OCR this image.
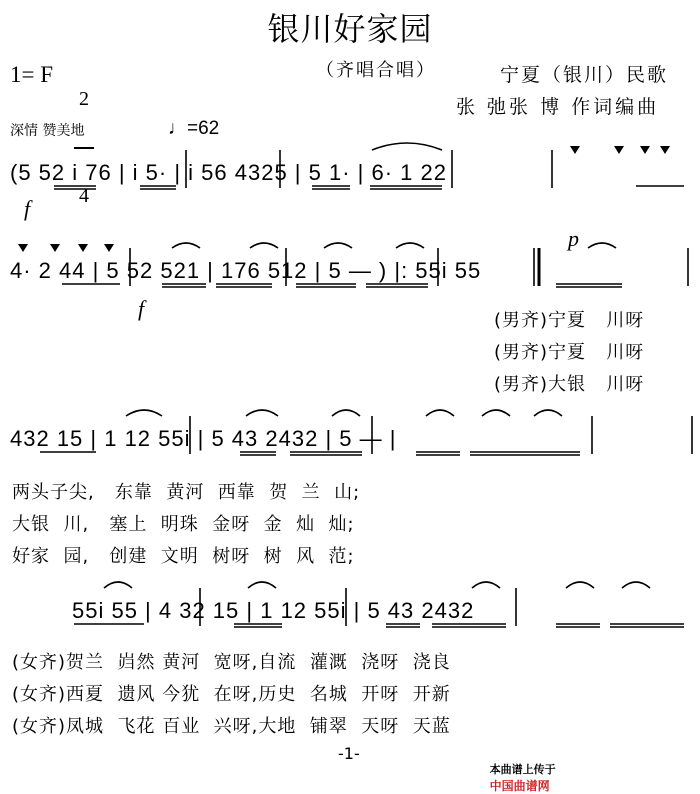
银川好家园
（齐唱合唱）
1= F

2

4

宁夏（银川）民歌
张 弛张 博 作词编曲
深情 赞美地	♩=62
(5 52 i 76 | i 5· | i 56 4325 | 5 1· | 6· 1 22
f
p
4· 2 44 | 5 52 521 | 176 512 | 5 — ) |: 55i 55
f	(男齐)宁夏   川呀
(男齐)宁夏   川呀
(男齐)大银   川呀
432 15 | 1 12 55i | 5 43 2432 | 5 — |
两头子尖,   东靠  黄河  西靠  贺  兰  山;
大银  川,   塞上  明珠  金呀  金  灿  灿;
好家  园,   创建  文明  树呀  树  风  范;
55i 55 | 4 32 15 | 1 12 55i | 5 43 2432
(女齐)贺兰  岿然 黄河  宽呀,自流  灌溉  浇呀  浇良
(女齐)西夏  遗风 今犹  在呀,历史  名城  开呀  开新
(女齐)凤城  飞花 百业  兴呀,大地  铺翠  天呀  天蓝
-1-

本曲谱上传于
中国曲谱网
